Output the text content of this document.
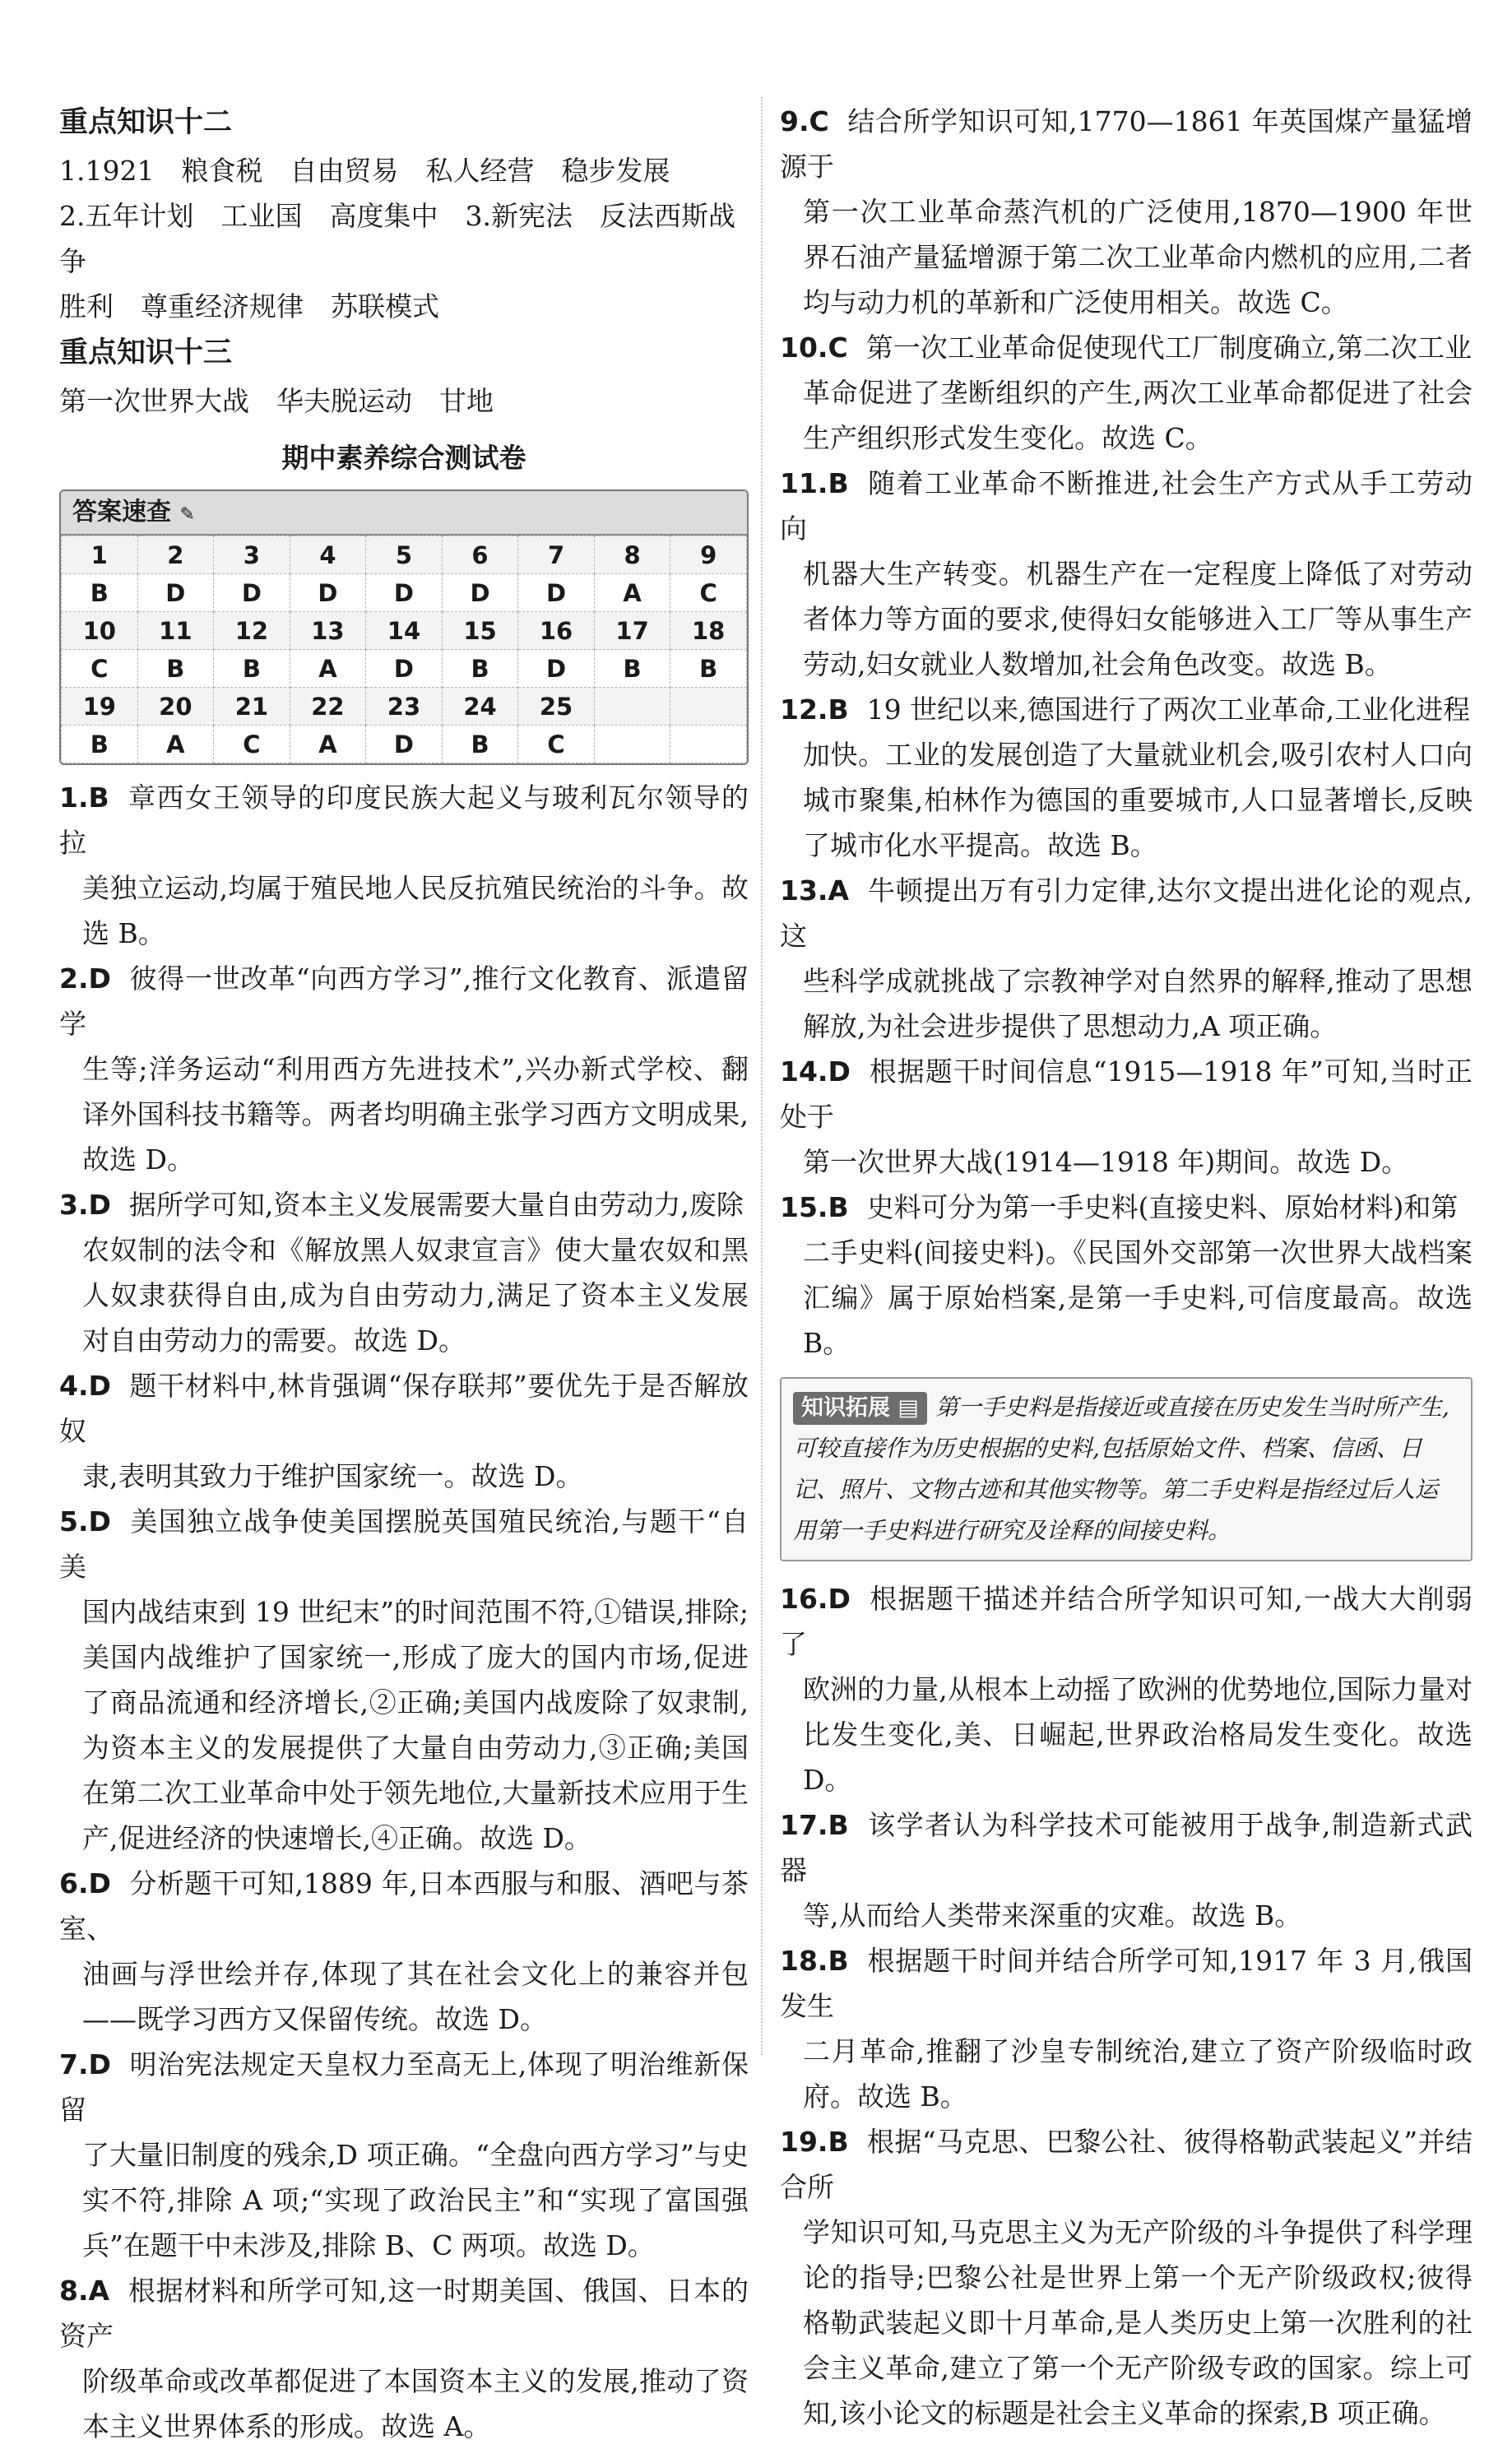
重点知识十二

1.1921　粮食税　自由贸易　私人经营　稳步发展

2.五年计划　工业国　高度集中　3.新宪法　反法西斯战争

胜利　尊重经济规律　苏联模式

重点知识十三

第一次世界大战　华夫脱运动　甘地

期中素养综合测试卷
答案速查 ✎
1	2	3	4	5	6	7	8	9
B	D	D	D	D	D	D	A	C
10	11	12	13	14	15	16	17	18
C	B	B	A	D	B	D	B	B
19	20	21	22	23	24	25		
B	A	C	A	D	B	C		
1.B 章西女王领导的印度民族大起义与玻利瓦尔领导的拉
美独立运动,均属于殖民地人民反抗殖民统治的斗争。故选 B。
2.D 彼得一世改革“向西方学习”,推行文化教育、派遣留学
生等;洋务运动“利用西方先进技术”,兴办新式学校、翻译外国科技书籍等。两者均明确主张学习西方文明成果,故选 D。
3.D 据所学可知,资本主义发展需要大量自由劳动力,废除
农奴制的法令和《解放黑人奴隶宣言》使大量农奴和黑人奴隶获得自由,成为自由劳动力,满足了资本主义发展对自由劳动力的需要。故选 D。
4.D 题干材料中,林肯强调“保存联邦”要优先于是否解放奴
隶,表明其致力于维护国家统一。故选 D。
5.D 美国独立战争使美国摆脱英国殖民统治,与题干“自美
国内战结束到 19 世纪末”的时间范围不符,①错误,排除;美国内战维护了国家统一,形成了庞大的国内市场,促进了商品流通和经济增长,②正确;美国内战废除了奴隶制,为资本主义的发展提供了大量自由劳动力,③正确;美国在第二次工业革命中处于领先地位,大量新技术应用于生产,促进经济的快速增长,④正确。故选 D。
6.D 分析题干可知,1889 年,日本西服与和服、酒吧与茶室、
油画与浮世绘并存,体现了其在社会文化上的兼容并包——既学习西方又保留传统。故选 D。
7.D 明治宪法规定天皇权力至高无上,体现了明治维新保留
了大量旧制度的残余,D 项正确。“全盘向西方学习”与史实不符,排除 A 项;“实现了政治民主”和“实现了富国强兵”在题干中未涉及,排除 B、C 两项。故选 D。
8.A 根据材料和所学可知,这一时期美国、俄国、日本的资产
阶级革命或改革都促进了本国资本主义的发展,推动了资本主义世界体系的形成。故选 A。
9.C 结合所学知识可知,1770—1861 年英国煤产量猛增源于
第一次工业革命蒸汽机的广泛使用,1870—1900 年世界石油产量猛增源于第二次工业革命内燃机的应用,二者均与动力机的革新和广泛使用相关。故选 C。
10.C 第一次工业革命促使现代工厂制度确立,第二次工业
革命促进了垄断组织的产生,两次工业革命都促进了社会生产组织形式发生变化。故选 C。
11.B 随着工业革命不断推进,社会生产方式从手工劳动向
机器大生产转变。机器生产在一定程度上降低了对劳动者体力等方面的要求,使得妇女能够进入工厂等从事生产劳动,妇女就业人数增加,社会角色改变。故选 B。
12.B 19 世纪以来,德国进行了两次工业革命,工业化进程
加快。工业的发展创造了大量就业机会,吸引农村人口向城市聚集,柏林作为德国的重要城市,人口显著增长,反映了城市化水平提高。故选 B。
13.A 牛顿提出万有引力定律,达尔文提出进化论的观点,这
些科学成就挑战了宗教神学对自然界的解释,推动了思想解放,为社会进步提供了思想动力,A 项正确。
14.D 根据题干时间信息“1915—1918 年”可知,当时正处于
第一次世界大战(1914—1918 年)期间。故选 D。
15.B 史料可分为第一手史料(直接史料、原始材料)和第
二手史料(间接史料)。《民国外交部第一次世界大战档案汇编》属于原始档案,是第一手史料,可信度最高。故选 B。
知识拓展 ▤ 第一手史料是指接近或直接在历史发生当时所产生,可较直接作为历史根据的史料,包括原始文件、档案、信函、日记、照片、文物古迹和其他实物等。第二手史料是指经过后人运用第一手史料进行研究及诠释的间接史料。
16.D 根据题干描述并结合所学知识可知,一战大大削弱了
欧洲的力量,从根本上动摇了欧洲的优势地位,国际力量对比发生变化,美、日崛起,世界政治格局发生变化。故选 D。
17.B 该学者认为科学技术可能被用于战争,制造新式武器
等,从而给人类带来深重的灾难。故选 B。
18.B 根据题干时间并结合所学可知,1917 年 3 月,俄国发生
二月革命,推翻了沙皇专制统治,建立了资产阶级临时政府。故选 B。
19.B 根据“马克思、巴黎公社、彼得格勒武装起义”并结合所
学知识可知,马克思主义为无产阶级的斗争提供了科学理论的指导;巴黎公社是世界上第一个无产阶级政权;彼得格勒武装起义即十月革命,是人类历史上第一次胜利的社会主义革命,建立了第一个无产阶级专政的国家。综上可知,该小论文的标题是社会主义革命的探索,B 项正确。
